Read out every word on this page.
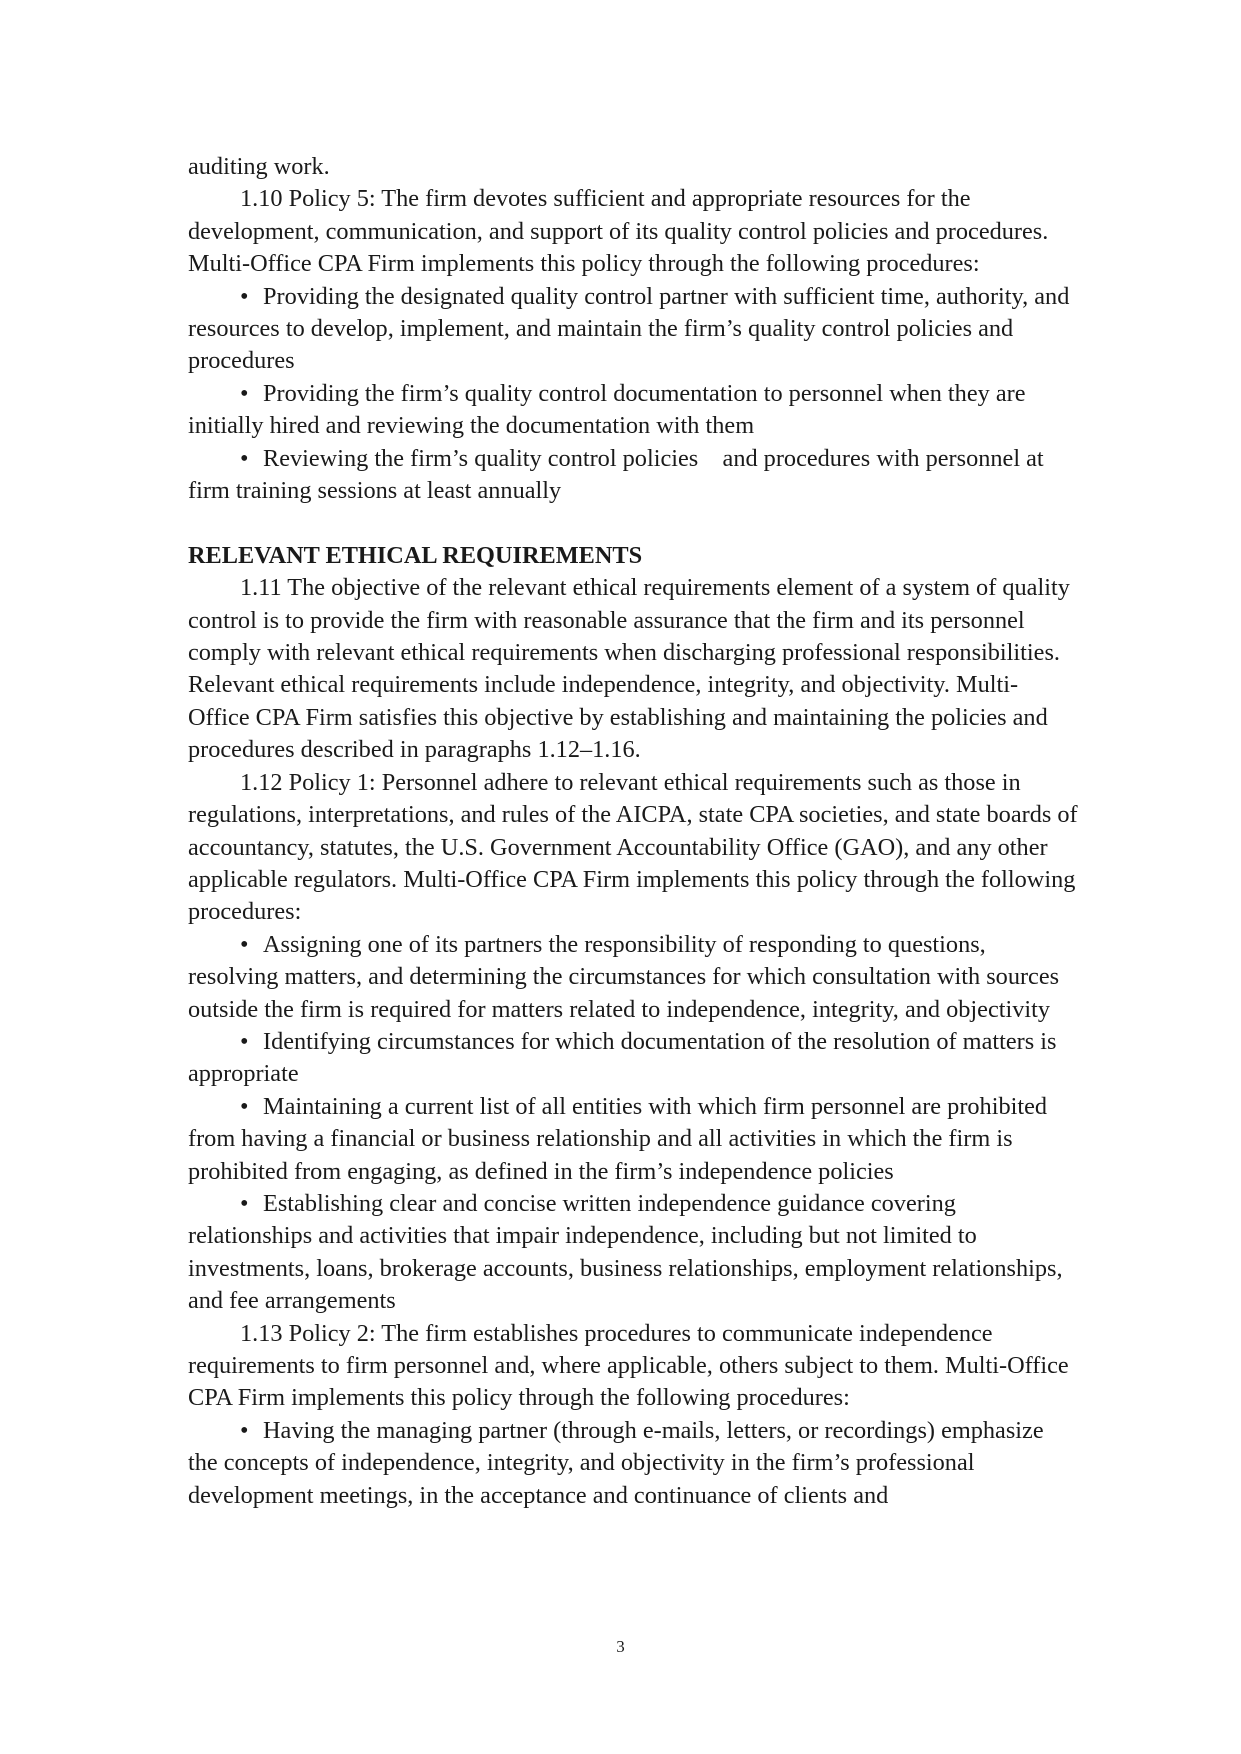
auditing work.

1.10 Policy 5: The firm devotes sufficient and appropriate resources for the development, communication, and support of its quality control policies and procedures. Multi-Office CPA Firm implements this policy through the following procedures:

• Providing the designated quality control partner with sufficient time, authority, and resources to develop, implement, and maintain the firm’s quality control policies and procedures

• Providing the firm’s quality control documentation to personnel when they are initially hired and reviewing the documentation with them

• Reviewing the firm’s quality control policies    and procedures with personnel at firm training sessions at least annually

RELEVANT ETHICAL REQUIREMENTS

1.11 The objective of the relevant ethical requirements element of a system of quality control is to provide the firm with reasonable assurance that the firm and its personnel comply with relevant ethical requirements when discharging professional responsibilities. Relevant ethical requirements include independence, integrity, and objectivity. Multi-Office CPA Firm satisfies this objective by establishing and maintaining the policies and procedures described in paragraphs 1.12–1.16.

1.12 Policy 1: Personnel adhere to relevant ethical requirements such as those in regulations, interpretations, and rules of the AICPA, state CPA societies, and state boards of accountancy, statutes, the U.S. Government Accountability Office (GAO), and any other applicable regulators. Multi-Office CPA Firm implements this policy through the following procedures:

• Assigning one of its partners the responsibility of responding to questions, resolving matters, and determining the circumstances for which consultation with sources outside the firm is required for matters related to independence, integrity, and objectivity

• Identifying circumstances for which documentation of the resolution of matters is appropriate

• Maintaining a current list of all entities with which firm personnel are prohibited from having a financial or business relationship and all activities in which the firm is prohibited from engaging, as defined in the firm’s independence policies

• Establishing clear and concise written independence guidance covering relationships and activities that impair independence, including but not limited to investments, loans, brokerage accounts, business relationships, employment relationships, and fee arrangements

1.13 Policy 2: The firm establishes procedures to communicate independence requirements to firm personnel and, where applicable, others subject to them. Multi-Office CPA Firm implements this policy through the following procedures:

• Having the managing partner (through e-mails, letters, or recordings) emphasize the concepts of independence, integrity, and objectivity in the firm’s professional development meetings, in the acceptance and continuance of clients and

3
